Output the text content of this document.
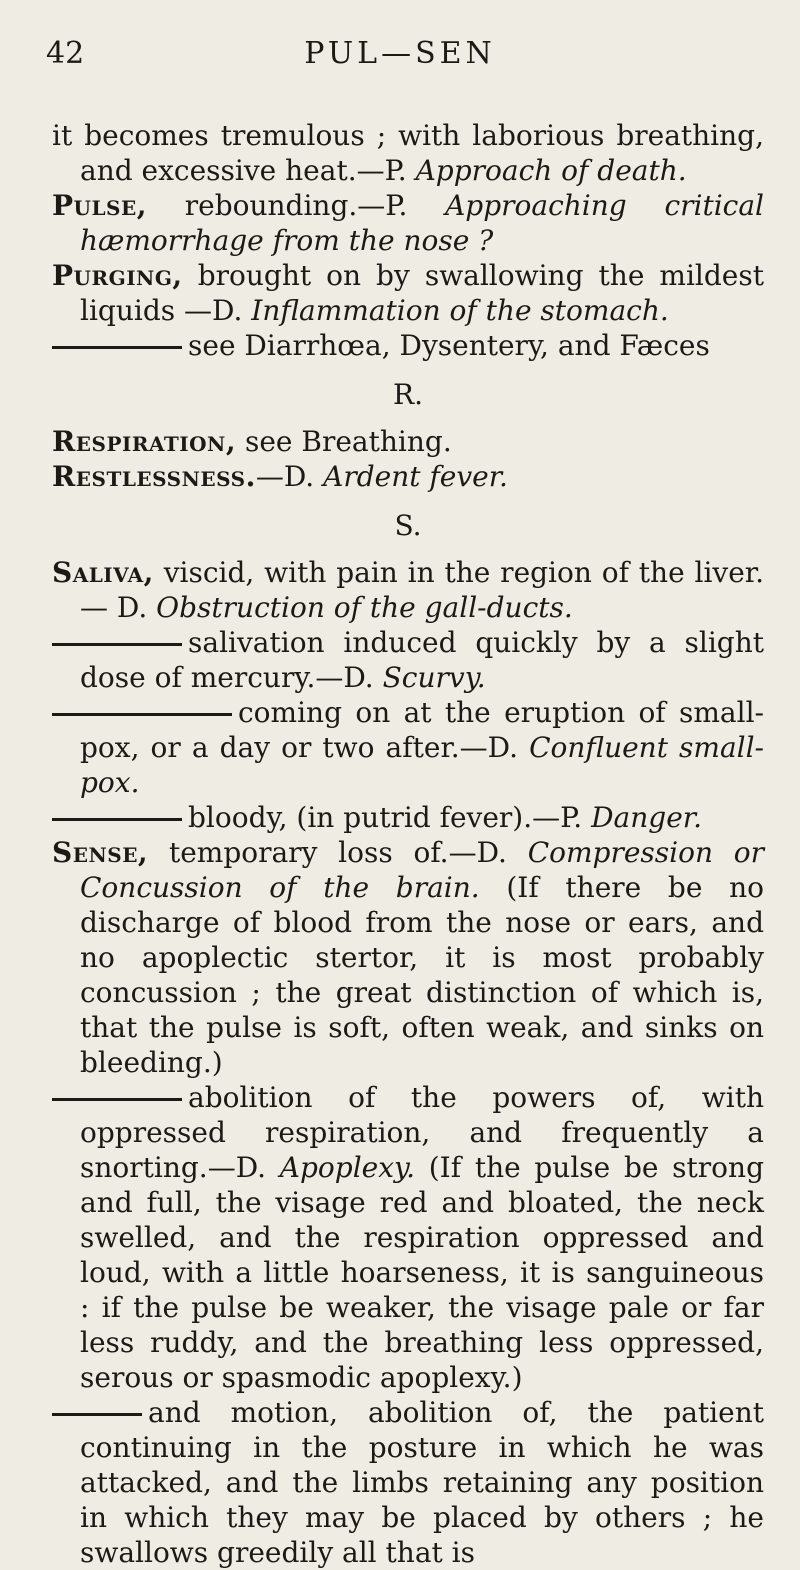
42	PUL—SEN

it becomes tremulous ; with laborious breathing, and excessive heat.—P. Approach of death.

Pulse, rebounding.—P. Approaching critical hæmorrhage from the nose ?

Purging, brought on by swallowing the mildest liquids —D. Inflammation of the stomach.

see Diarrhœa, Dysentery, and Fæces

R.

Respiration, see Breathing.

Restlessness.—D. Ardent fever.

S.

Saliva, viscid, with pain in the region of the liver.— D. Obstruction of the gall-ducts.

salivation induced quickly by a slight dose of mercury.—D. Scurvy.

coming on at the eruption of small-pox, or a day or two after.—D. Confluent small-pox.

bloody, (in putrid fever).—P. Danger.

Sense, temporary loss of.—D. Compression or Concussion of the brain. (If there be no discharge of blood from the nose or ears, and no apoplectic stertor, it is most probably concussion ; the great distinction of which is, that the pulse is soft, often weak, and sinks on bleeding.)

abolition of the powers of, with oppressed respiration, and frequently a snorting.—D. Apoplexy. (If the pulse be strong and full, the visage red and bloated, the neck swelled, and the respiration oppressed and loud, with a little hoarseness, it is sanguineous : if the pulse be weaker, the visage pale or far less ruddy, and the breathing less oppressed, serous or spasmodic apoplexy.)

and motion, abolition of, the patient continuing in the posture in which he was attacked, and the limbs retaining any position in which they may be placed by others ; he swallows greedily all that is
